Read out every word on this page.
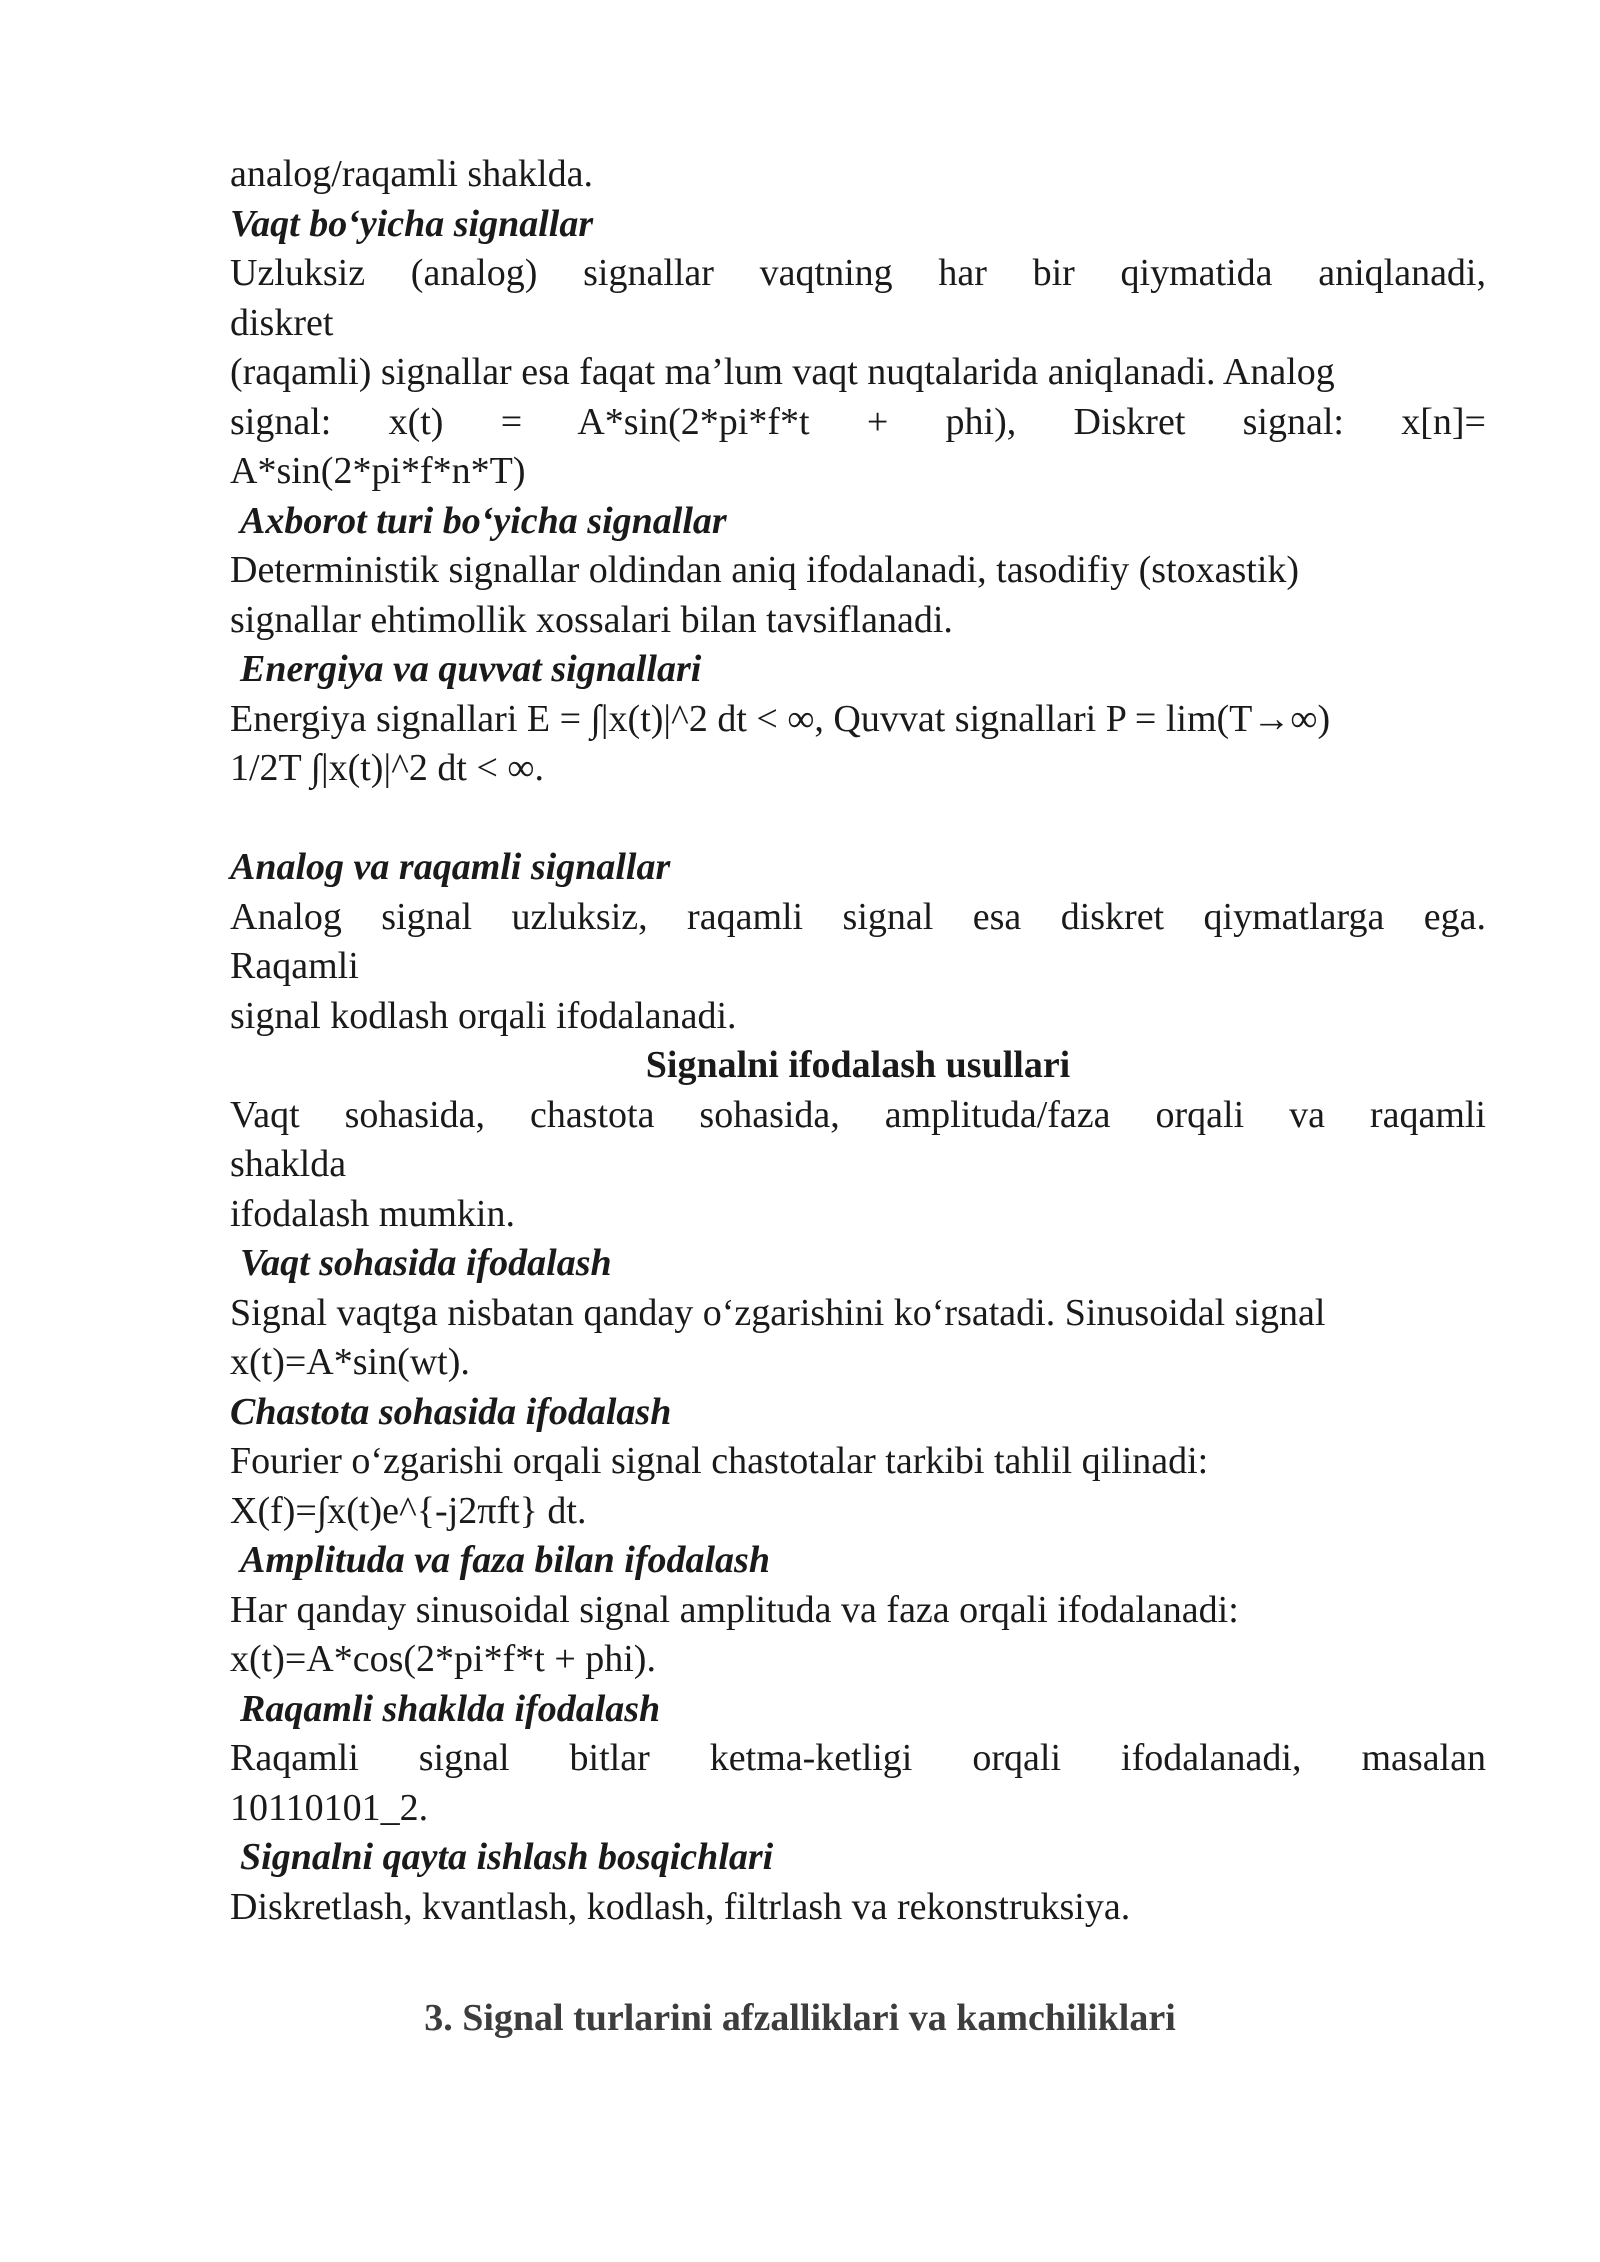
analog/raqamli shaklda.
Vaqt bo‘yicha signallar
Uzluksiz (analog) signallar vaqtning har bir qiymatida aniqlanadi,
diskret
(raqamli) signallar esa faqat ma’lum vaqt nuqtalarida aniqlanadi. Analog
signal: x(t) = A*sin(2*pi*f*t + phi), Diskret signal: x[n]=
A*sin(2*pi*f*n*T)
Axborot turi bo‘yicha signallar
Deterministik signallar oldindan aniq ifodalanadi, tasodifiy (stoxastik)
signallar ehtimollik xossalari bilan tavsiflanadi.
Energiya va quvvat signallari
Energiya signallari E = ∫|x(t)|^2 dt < ∞, Quvvat signallari P = lim(T→∞)
1/2T ∫|x(t)|^2 dt < ∞.
Analog va raqamli signallar
Analog signal uzluksiz, raqamli signal esa diskret qiymatlarga ega.
Raqamli
signal kodlash orqali ifodalanadi.
Signalni ifodalash usullari
Vaqt sohasida, chastota sohasida, amplituda/faza orqali va raqamli
shaklda
ifodalash mumkin.
Vaqt sohasida ifodalash
Signal vaqtga nisbatan qanday o‘zgarishini ko‘rsatadi. Sinusoidal signal
x(t)=A*sin(wt).
Chastota sohasida ifodalash
Fourier o‘zgarishi orqali signal chastotalar tarkibi tahlil qilinadi:
X(f)=∫x(t)e^{-j2πft} dt.
Amplituda va faza bilan ifodalash
Har qanday sinusoidal signal amplituda va faza orqali ifodalanadi:
x(t)=A*cos(2*pi*f*t + phi).
Raqamli shaklda ifodalash
Raqamli signal bitlar ketma-ketligi orqali ifodalanadi, masalan
10110101_2.
Signalni qayta ishlash bosqichlari
Diskretlash, kvantlash, kodlash, filtrlash va rekonstruksiya.
3. Signal turlarini afzalliklari va kamchiliklari
